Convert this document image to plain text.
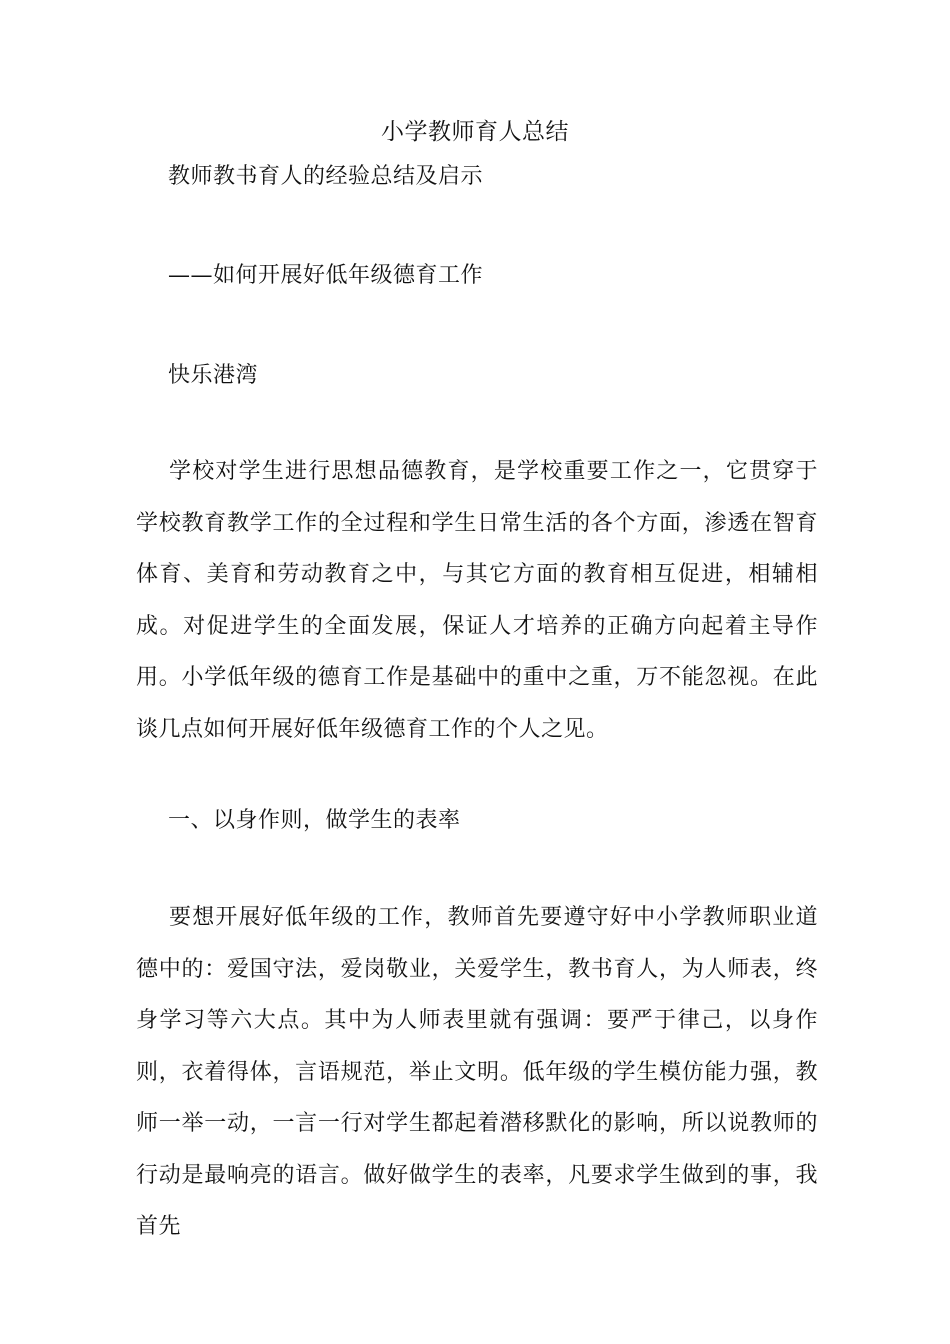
小学教师育人总结
教师教书育人的经验总结及启示
——如何开展好低年级德育工作
快乐港湾
学校对学生进行思想品德教育，是学校重要工作之一，它贯穿于学校教育教学工作的全过程和学生日常生活的各个方面，渗透在智育体育、美育和劳动教育之中，与其它方面的教育相互促进，相辅相成。对促进学生的全面发展，保证人才培养的正确方向起着主导作用。小学低年级的德育工作是基础中的重中之重，万不能忽视。在此谈几点如何开展好低年级德育工作的个人之见。
一、以身作则，做学生的表率
要想开展好低年级的工作，教师首先要遵守好中小学教师职业道德中的：爱国守法，爱岗敬业，关爱学生，教书育人，为人师表，终身学习等六大点。其中为人师表里就有强调：要严于律己，以身作则，衣着得体，言语规范，举止文明。低年级的学生模仿能力强，教师一举一动，一言一行对学生都起着潜移默化的影响，所以说教师的行动是最响亮的语言。做好做学生的表率，凡要求学生做到的事，我首先
